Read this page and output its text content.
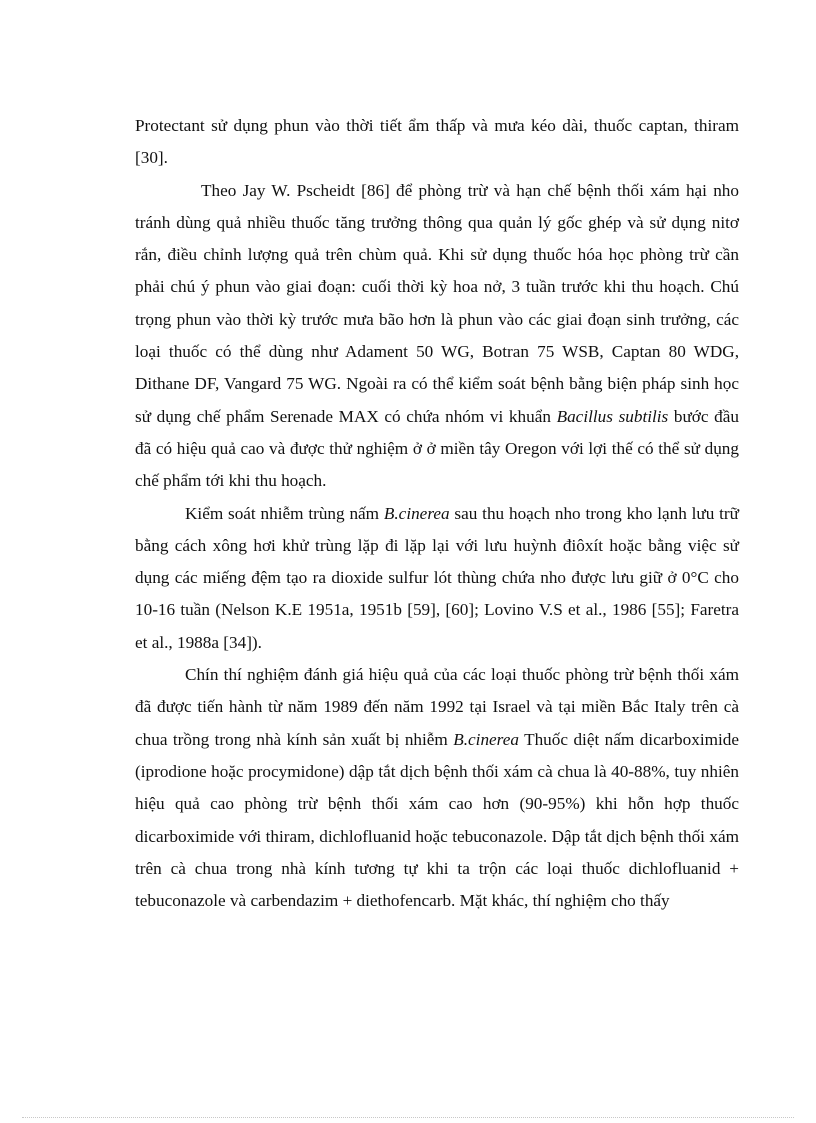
Protectant sử dụng phun vào thời tiết ẩm thấp và mưa kéo dài, thuốc captan, thiram [30].

Theo Jay W. Pscheidt [86] để phòng trừ và hạn chế bệnh thối xám hại nho tránh dùng quả nhiều thuốc tăng trưởng thông qua quản lý gốc ghép và sử dụng nitơ rắn, điều chỉnh lượng quả trên chùm quả. Khi sử dụng thuốc hóa học phòng trừ cần phải chú ý phun vào giai đoạn: cuối thời kỳ hoa nở, 3 tuần trước khi thu hoạch. Chú trọng phun vào thời kỳ trước mưa bão hơn là phun vào các giai đoạn sinh trưởng, các loại thuốc có thể dùng như Adament 50 WG, Botran 75 WSB, Captan 80 WDG, Dithane DF, Vangard 75 WG. Ngoài ra có thể kiểm soát bệnh bằng biện pháp sinh học sử dụng chế phẩm Serenade MAX có chứa nhóm vi khuẩn Bacillus subtilis bước đầu đã có hiệu quả cao và được thử nghiệm ở ở miền tây Oregon với lợi thế có thể sử dụng chế phẩm tới khi thu hoạch.

Kiểm soát nhiễm trùng nấm B.cinerea sau thu hoạch nho trong kho lạnh lưu trữ bằng cách xông hơi khử trùng lặp đi lặp lại với lưu huỳnh điôxít hoặc bằng việc sử dụng các miếng đệm tạo ra dioxide sulfur lót thùng chứa nho được lưu giữ ở 0°C cho 10-16 tuần (Nelson K.E 1951a, 1951b [59], [60]; Lovino V.S et al., 1986 [55]; Faretra et al., 1988a [34]).

Chín thí nghiệm đánh giá hiệu quả của các loại thuốc phòng trừ bệnh thối xám đã được tiến hành từ năm 1989 đến năm 1992 tại Israel và tại miền Bắc Italy trên cà chua trồng trong nhà kính sản xuất bị nhiễm B.cinerea Thuốc diệt nấm dicarboximide (iprodione hoặc procymidone) dập tắt dịch bệnh thối xám cà chua là 40-88%, tuy nhiên hiệu quả cao phòng trừ bệnh thối xám cao hơn (90-95%) khi hỗn hợp thuốc dicarboximide với thiram, dichlofluanid hoặc tebuconazole. Dập tắt dịch bệnh thối xám trên cà chua trong nhà kính tương tự khi ta trộn các loại thuốc dichlofluanid + tebuconazole và carbendazim + diethofencarb. Mặt khác, thí nghiệm cho thấy
